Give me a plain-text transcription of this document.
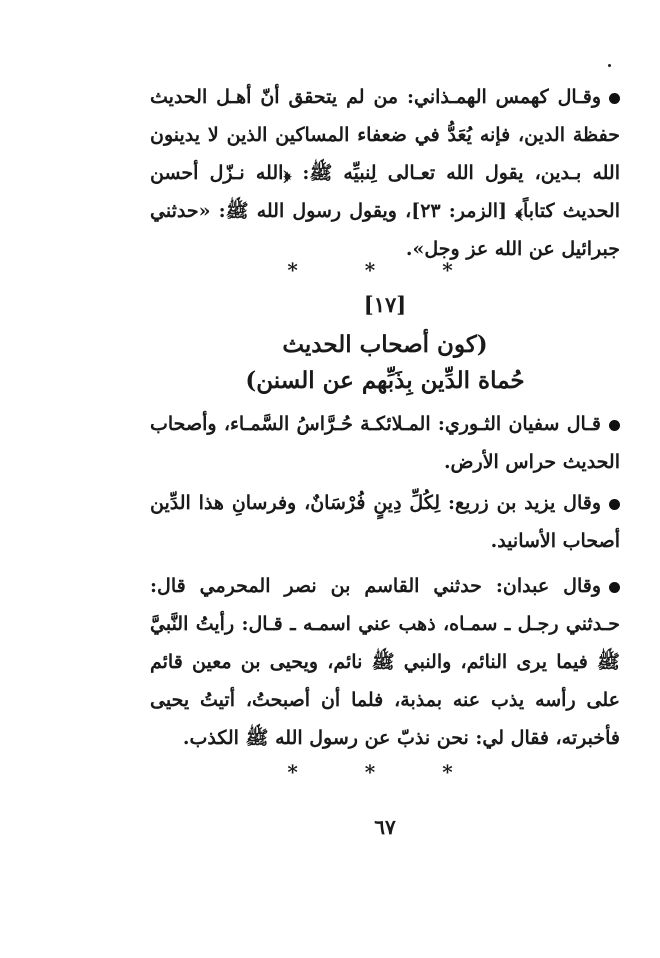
وقـال كهمس الهمـذاني: من لم يتحقق أنّ أهـل الحديث حفظة الدين، فإنه يُعَدُّ في ضعفاء المساكين الذين لا يدينون الله بـدين، يقول الله تعـالى لِنبيِّه ﷺ: ﴿الله نـزّل أحسن الحديث كتاباً﴾ [الزمر: ٢٣]، ويقول رسول الله ﷺ: «حدثني جبرائيل عن الله عز وجل».

* * *
[١٧]
(كون أصحاب الحديث
حُماة الدِّين بِذَبِّهم عن السنن)

قـال سفيان الثـوري: المـلائكـة حُـرَّاسُ السَّمـاء، وأصحاب الحديث حراس الأرض.

وقال يزيد بن زريع: لِكُلِّ دِينٍ فُرْسَانٌ، وفرسانِ هذا الدِّين أصحاب الأسانيد.

وقال عبدان: حدثني القاسم بن نصر المحرمي قال: حـدثني رجـل ـ سمـاه، ذهب عني اسمـه ـ قـال: رأيتُ النَّبيَّ ﷺ فيما يرى النائم، والنبي ﷺ نائم، ويحيى بن معين قائم على رأسه يذب عنه بمذبة، فلما أن أصبحتُ، أتيتُ يحيى فأخبرته، فقال لي: نحن نذبّ عن رسول الله ﷺ الكذب.

* * *
٦٧
